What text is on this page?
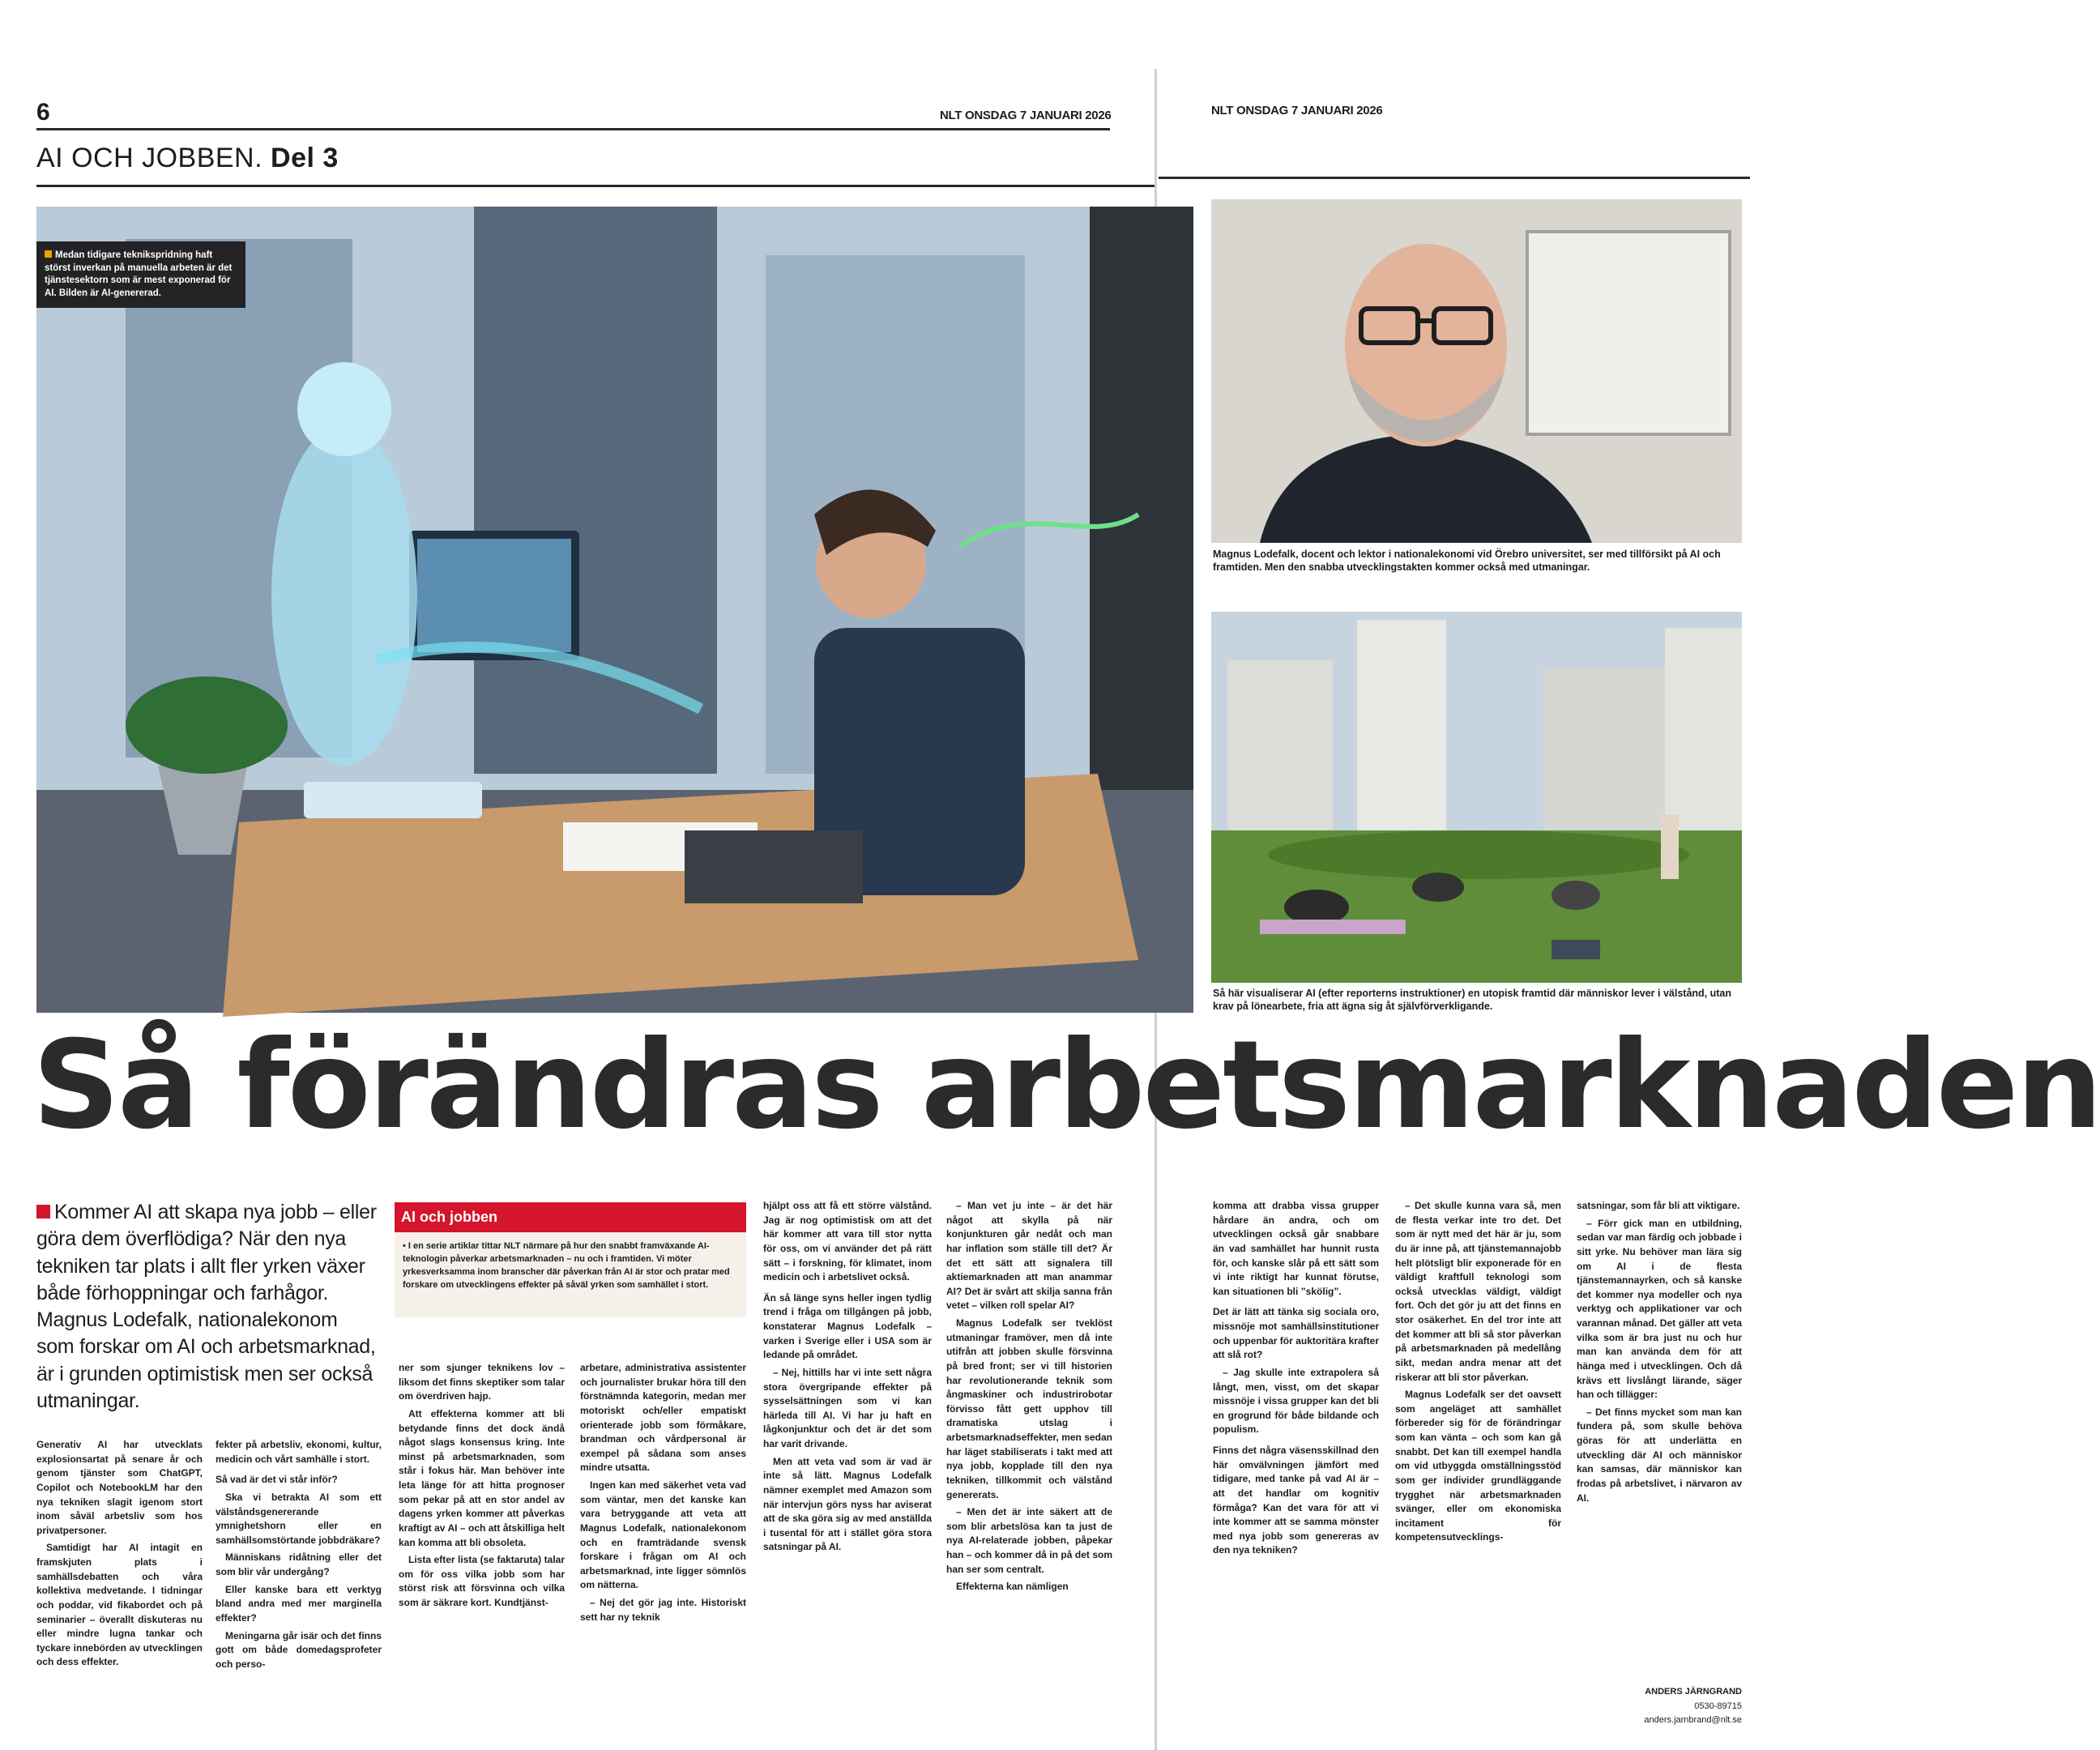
6	NLT ONSDAG 7 JANUARI 2026	NLT ONSDAG 7 JANUARI 2026
AI OCH JOBBEN. Del 3
Medan tidigare teknikspridning haft störst inverkan på manuella arbeten är det tjänstesektorn som är mest exponerad för AI. Bilden är AI-genererad.
Magnus Lodefalk, docent och lektor i nationalekonomi vid Örebro universitet, ser med tillförsikt på AI och framtiden. Men den snabba utvecklingstakten kommer också med utmaningar.
Så här visualiserar AI (efter reporterns instruktioner) en utopisk framtid där människor lever i välstånd, utan krav på lönearbete, fria att ägna sig åt självförverkligande.
Så förändras arbetsmarknaden
Kommer AI att skapa nya jobb – eller göra dem överflödiga? När den nya tekniken tar plats i allt fler yrken växer både förhoppningar och farhågor. Magnus Lodefalk, nationalekonom som forskar om AI och arbetsmarknad, är i grunden optimistisk men ser också utmaningar.
AI och jobben
• I en serie artiklar tittar NLT närmare på hur den snabbt framväxande AI-teknologin påverkar arbetsmarknaden – nu och i framtiden. Vi möter yrkesverksamma inom branscher där påverkan från AI är stor och pratar med forskare om utvecklingens effekter på såväl yrken som samhället i stort.

Generativ AI har utvecklats explosionsartat på senare år och genom tjänster som ChatGPT, Copilot och NotebookLM har den nya tekniken slagit igenom stort inom såväl arbetsliv som hos privatpersoner.

Samtidigt har AI intagit en framskjuten plats i samhällsdebatten och våra kollektiva medvetande. I tidningar och poddar, vid fikabordet och på seminarier – överallt diskuteras nu eller mindre lugna tankar och tyckare innebörden av utvecklingen och dess effekter.

fekter på arbetsliv, ekonomi, kultur, medicin och vårt samhälle i stort.

Så vad är det vi står inför?

Ska vi betrakta AI som ett välståndsgenererande ymnighetshorn eller en samhällsomstörtande jobbdräkare?

Människans ridåtning eller det som blir vår undergång?

Eller kanske bara ett verktyg bland andra med mer marginella effekter?

Meningarna går isär och det finns gott om både domedagsprofeter och perso-

ner som sjunger teknikens lov – liksom det finns skeptiker som talar om överdriven hajp.

Att effekterna kommer att bli betydande finns det dock ändå något slags konsensus kring. Inte minst på arbetsmarknaden, som står i fokus här. Man behöver inte leta länge för att hitta prognoser som pekar på att en stor andel av dagens yrken kommer att påverkas kraftigt av AI – och att åtskilliga helt kan komma att bli obsoleta.

Lista efter lista (se faktaruta) talar om för oss vilka jobb som har störst risk att försvinna och vilka som är säkrare kort. Kundtjänst-

arbetare, administrativa assistenter och journalister brukar höra till den förstnämnda kategorin, medan mer motoriskt och/eller empatiskt orienterade jobb som förmåkare, brandman och vårdpersonal är exempel på sådana som anses mindre utsatta.

Ingen kan med säkerhet veta vad som väntar, men det kanske kan vara betryggande att veta att Magnus Lodefalk, nationalekonom och en framträdande svensk forskare i frågan om AI och arbetsmarknad, inte ligger sömnlös om nätterna.

– Nej det gör jag inte. Historiskt sett har ny teknik

hjälpt oss att få ett större välstånd. Jag är nog optimistisk om att det här kommer att vara till stor nytta för oss, om vi använder det på rätt sätt – i forskning, för klimatet, inom medicin och i arbetslivet också.

Än så länge syns heller ingen tydlig trend i fråga om tillgången på jobb, konstaterar Magnus Lodefalk – varken i Sverige eller i USA som är ledande på området.

– Nej, hittills har vi inte sett några stora övergripande effekter på sysselsättningen som vi kan härleda till AI. Vi har ju haft en lågkonjunktur och det är det som har varit drivande.

Men att veta vad som är vad är inte så lätt. Magnus Lodefalk nämner exemplet med Amazon som när intervjun görs nyss har aviserat att de ska göra sig av med anställda i tusental för att i stället göra stora satsningar på AI.

– Man vet ju inte – är det här något att skylla på när konjunkturen går nedåt och man har inflation som ställe till det? Är det ett sätt att signalera till aktiemarknaden att man anammar AI? Det är svårt att skilja sanna från vetet – vilken roll spelar AI?

Magnus Lodefalk ser tveklöst utmaningar framöver, men då inte utifrån att jobben skulle försvinna på bred front; ser vi till historien har revolutionerande teknik som ångmaskiner och industrirobotar förvisso fått gett upphov till dramatiska utslag i arbetsmarknadseffekter, men sedan har läget stabiliserats i takt med att nya jobb, kopplade till den nya tekniken, tillkommit och välstånd genererats.

– Men det är inte säkert att de som blir arbetslösa kan ta just de nya AI-relaterade jobben, påpekar han – och kommer då in på det som han ser som centralt.

Effekterna kan nämligen

komma att drabba vissa grupper hårdare än andra, och om utvecklingen också går snabbare än vad samhället har hunnit rusta för, och kanske slår på ett sätt som vi inte riktigt har kunnat förutse, kan situationen bli ”skölig”.

Det är lätt att tänka sig sociala oro, missnöje mot samhällsinstitutioner och uppenbar för auktoritära krafter att slå rot?

– Jag skulle inte extrapolera så långt, men, visst, om det skapar missnöje i vissa grupper kan det bli en grogrund för både bildande och populism.

Finns det några väsensskillnad den här omvälvningen jämfört med tidigare, med tanke på vad AI är – att det handlar om kognitiv förmåga? Kan det vara för att vi inte kommer att se samma mönster med nya jobb som genereras av den nya tekniken?

– Det skulle kunna vara så, men de flesta verkar inte tro det. Det som är nytt med det här är ju, som du är inne på, att tjänstemannajobb helt plötsligt blir exponerade för en väldigt kraftfull teknologi som också utvecklas väldigt, väldigt fort. Och det gör ju att det finns en stor osäkerhet. En del tror inte att det kommer att bli så stor påverkan på arbetsmarknaden på medellång sikt, medan andra menar att det riskerar att bli stor påverkan.

Magnus Lodefalk ser det oavsett som angeläget att samhället förbereder sig för de förändringar som kan vänta – och som kan gå snabbt. Det kan till exempel handla om vid utbyggda omställningsstöd som ger individer grundläggande trygghet när arbetsmarknaden svänger, eller om ekonomiska incitament för kompetensutvecklings-

satsningar, som får bli att viktigare.

– Förr gick man en utbildning, sedan var man färdig och jobbade i sitt yrke. Nu behöver man lära sig om AI i de flesta tjänstemannayrken, och så kanske det kommer nya modeller och nya verktyg och applikationer var och varannan månad. Det gäller att veta vilka som är bra just nu och hur man kan använda dem för att hänga med i utvecklingen. Och då krävs ett livslångt lärande, säger han och tillägger:

– Det finns mycket som man kan fundera på, som skulle behöva göras för att underlätta en utveckling där AI och människor kan samsas, där människor kan frodas på arbetslivet, i närvaron av AI.

ANDERS JÄRNGRAND
0530-89715
anders.jarnbrand@nlt.se
